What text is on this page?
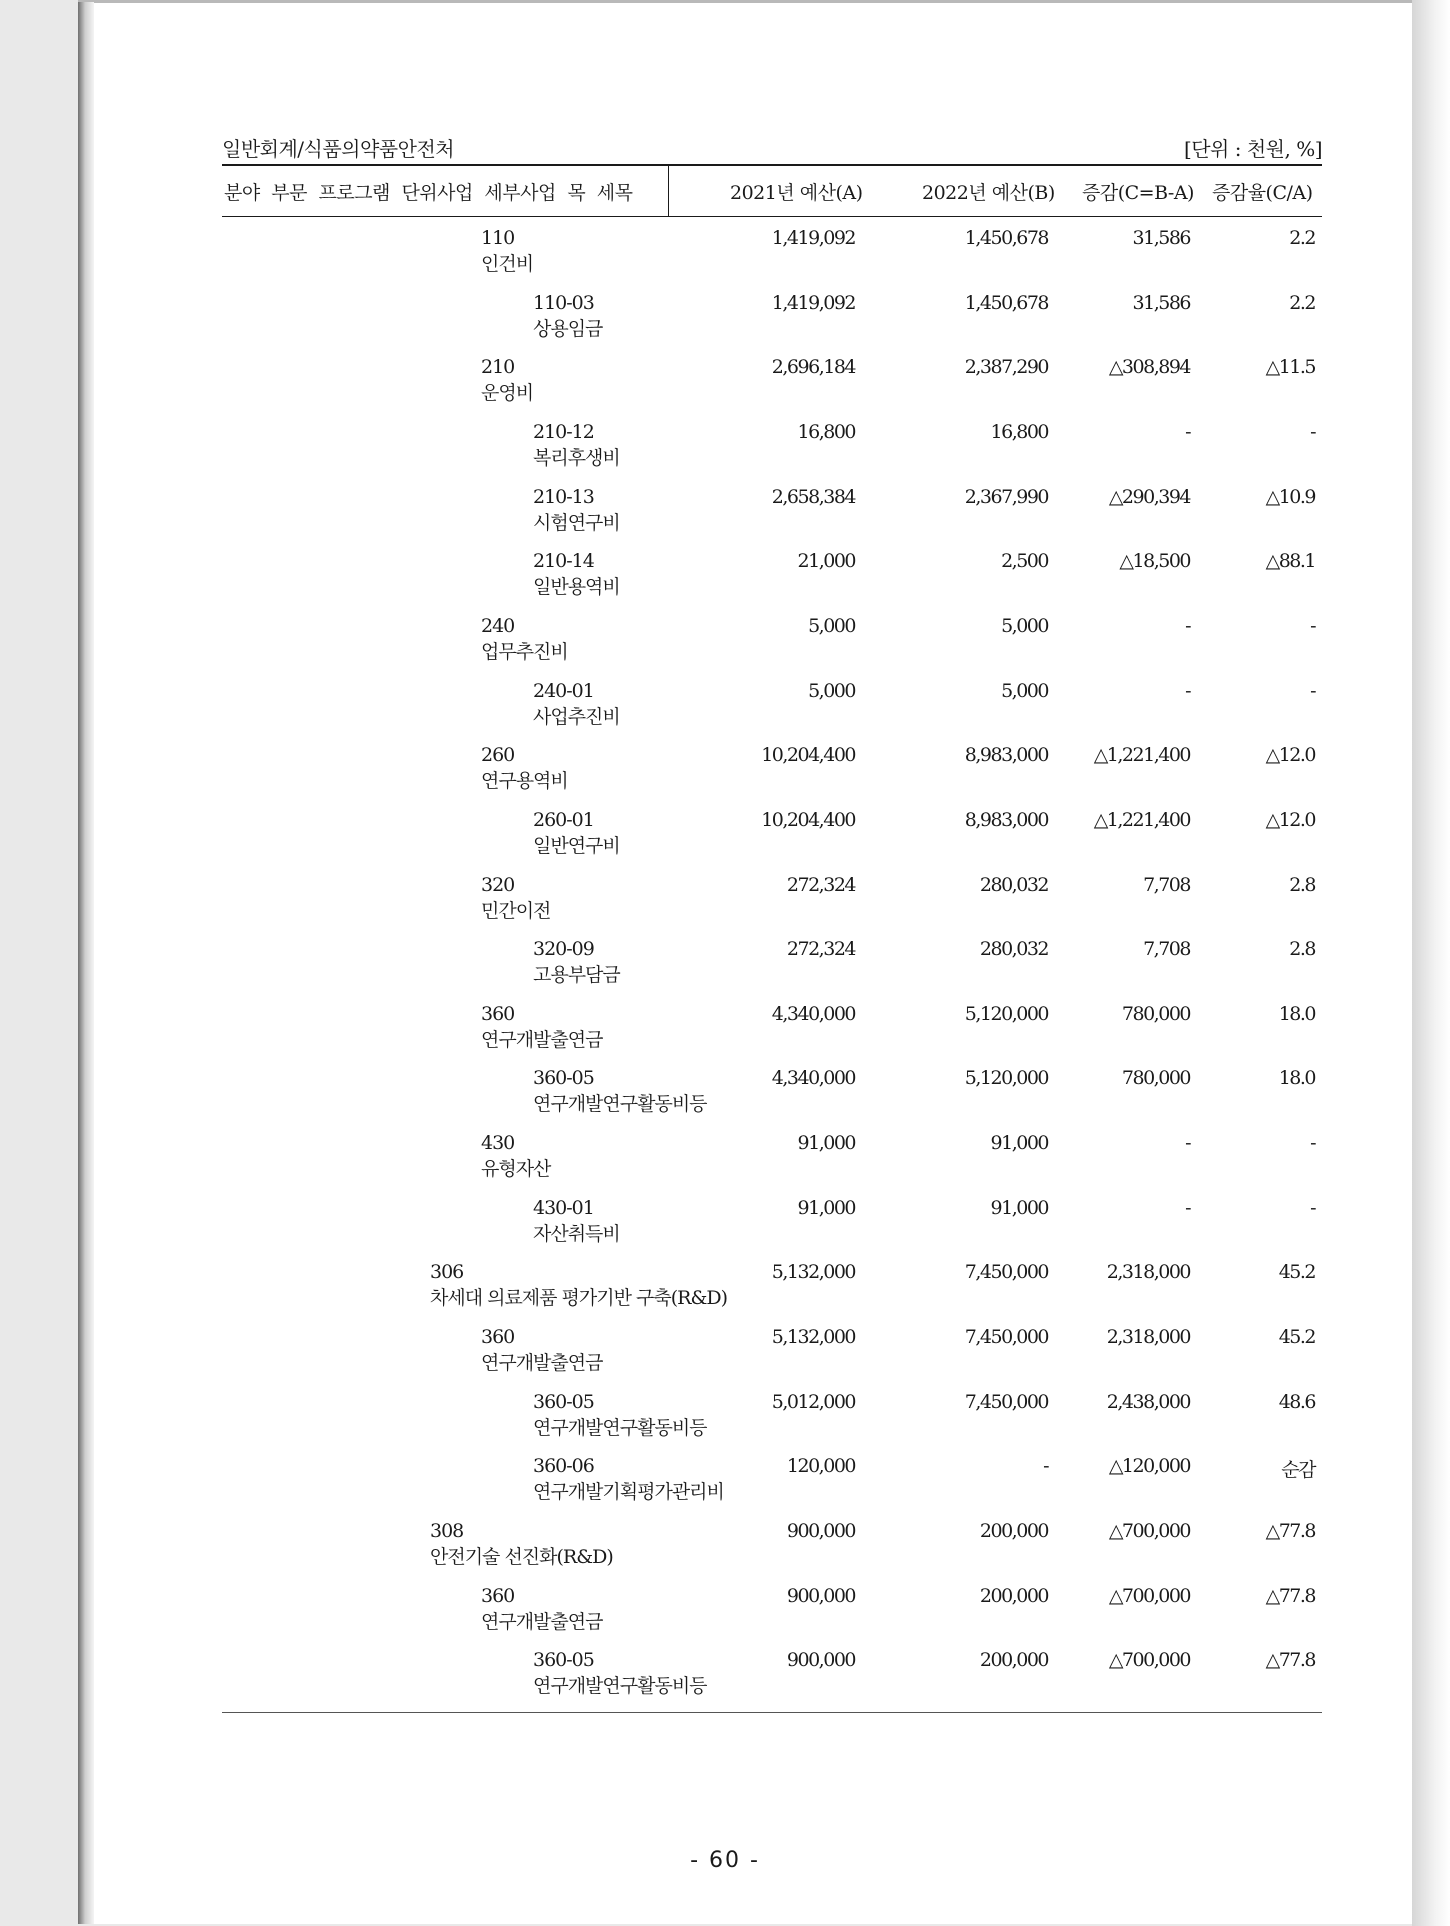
일반회계/식품의약품안전처	[단위 : 천원, %]
분야 부문 프로그램 단위사업 세부사업 목 세목	2021년 예산(A)	2022년 예산(B) 증감(C=B-A) 증감율(C/A)
110
인건비
1,419,092	1,450,678	31,586	2.2
110-03
상용임금
1,419,092	1,450,678	31,586	2.2
210
운영비
2,696,184	2,387,290	△308,894	△11.5
210-12
복리후생비
16,800	16,800	-	-
210-13
시험연구비
2,658,384	2,367,990	△290,394	△10.9
210-14
일반용역비
21,000	2,500	△18,500	△88.1
240
업무추진비
5,000	5,000	-	-
240-01
사업추진비
5,000	5,000	-	-
260
연구용역비
10,204,400	8,983,000 △1,221,400	△12.0
260-01
일반연구비
10,204,400	8,983,000 △1,221,400	△12.0
320
민간이전
272,324	280,032	7,708	2.8
320-09
고용부담금
272,324	280,032	7,708	2.8
360
연구개발출연금
4,340,000	5,120,000	780,000	18.0
360-05
연구개발연구활동비등
4,340,000	5,120,000	780,000	18.0
430
유형자산
91,000	91,000	-	-
430-01
자산취득비
91,000	91,000	-	-
306
차세대 의료제품 평가기반 구축(R&D)
5,132,000	7,450,000	2,318,000	45.2
360
연구개발출연금
5,132,000	7,450,000	2,318,000	45.2
360-05
연구개발연구활동비등
5,012,000	7,450,000	2,438,000	48.6
360-06
연구개발기획평가관리비
120,000	-	△120,000	순감
308
안전기술 선진화(R&D)
900,000	200,000	△700,000	△77.8
360
연구개발출연금
900,000	200,000	△700,000	△77.8
360-05
연구개발연구활동비등
900,000	200,000	△700,000	△77.8
- 60 -
